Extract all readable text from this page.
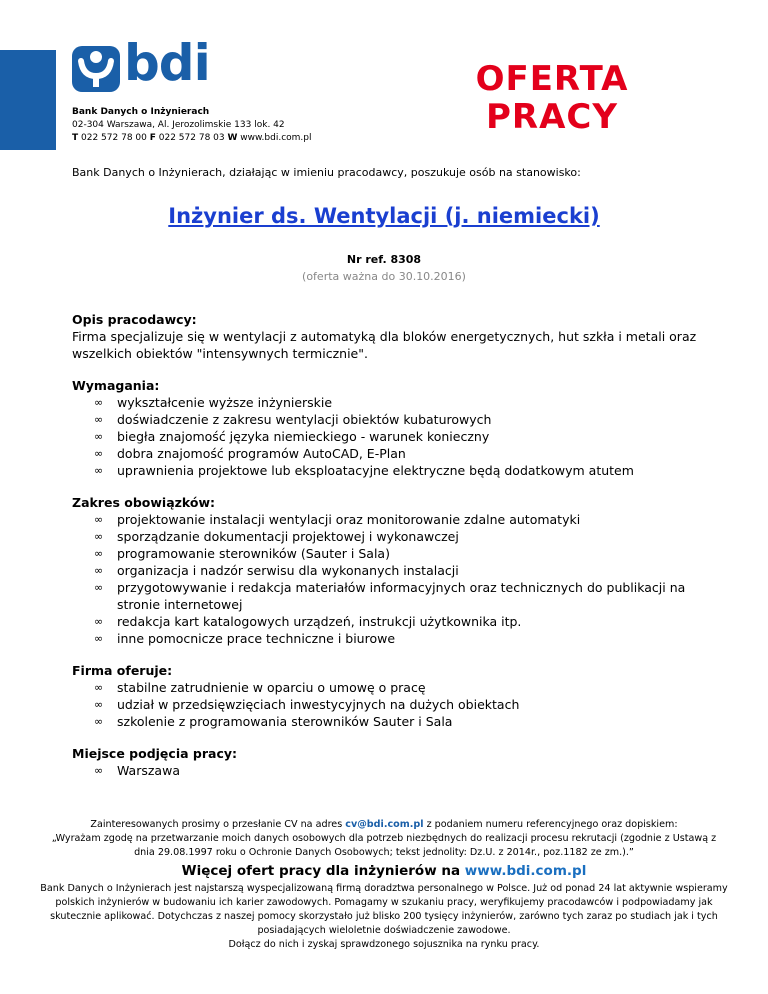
bdi
Bank Danych o Inżynierach
02-304 Warszawa, Al. Jerozolimskie 133 lok. 42
T 022 572 78 00 F 022 572 78 03 W www.bdi.com.pl
OFERTA
PRACY
Bank Danych o Inżynierach, działając w imieniu pracodawcy, poszukuje osób na stanowisko:
Inżynier ds. Wentylacji (j. niemiecki)
Nr ref. 8308
(oferta ważna do 30.10.2016)
Opis pracodawcy:
Firma specjalizuje się w wentylacji z automatyką dla bloków energetycznych, hut szkła i metali oraz wszelkich obiektów "intensywnych termicznie".
Wymagania:
∞ wykształcenie wyższe inżynierskie
∞ doświadczenie z zakresu wentylacji obiektów kubaturowych
∞ biegła znajomość języka niemieckiego - warunek konieczny
∞ dobra znajomość programów AutoCAD, E-Plan
∞ uprawnienia projektowe lub eksploatacyjne elektryczne będą dodatkowym atutem
Zakres obowiązków:
∞ projektowanie instalacji wentylacji oraz monitorowanie zdalne automatyki
∞ sporządzanie dokumentacji projektowej i wykonawczej
∞ programowanie sterowników (Sauter i Sala)
∞ organizacja i nadzór serwisu dla wykonanych instalacji
∞ przygotowywanie i redakcja materiałów informacyjnych oraz technicznych do publikacji na stronie internetowej
∞ redakcja kart katalogowych urządzeń, instrukcji użytkownika itp.
∞ inne pomocnicze prace techniczne i biurowe
Firma oferuje:
∞ stabilne zatrudnienie w oparciu o umowę o pracę
∞ udział w przedsięwzięciach inwestycyjnych na dużych obiektach
∞ szkolenie z programowania sterowników Sauter i Sala
Miejsce podjęcia pracy:
∞ Warszawa
Zainteresowanych prosimy o przesłanie CV na adres cv@bdi.com.pl z podaniem numeru referencyjnego oraz dopiskiem:
„Wyrażam zgodę na przetwarzanie moich danych osobowych dla potrzeb niezbędnych do realizacji procesu rekrutacji (zgodnie z Ustawą z dnia 29.08.1997 roku o Ochronie Danych Osobowych; tekst jednolity: Dz.U. z 2014r., poz.1182 ze zm.).”
Więcej ofert pracy dla inżynierów na www.bdi.com.pl
Bank Danych o Inżynierach jest najstarszą wyspecjalizowaną firmą doradztwa personalnego w Polsce. Już od ponad 24 lat aktywnie wspieramy polskich inżynierów w budowaniu ich karier zawodowych. Pomagamy w szukaniu pracy, weryfikujemy pracodawców i podpowiadamy jak skutecznie aplikować. Dotychczas z naszej pomocy skorzystało już blisko 200 tysięcy inżynierów, zarówno tych zaraz po studiach jak i tych posiadających wieloletnie doświadczenie zawodowe.
Dołącz do nich i zyskaj sprawdzonego sojusznika na rynku pracy.
